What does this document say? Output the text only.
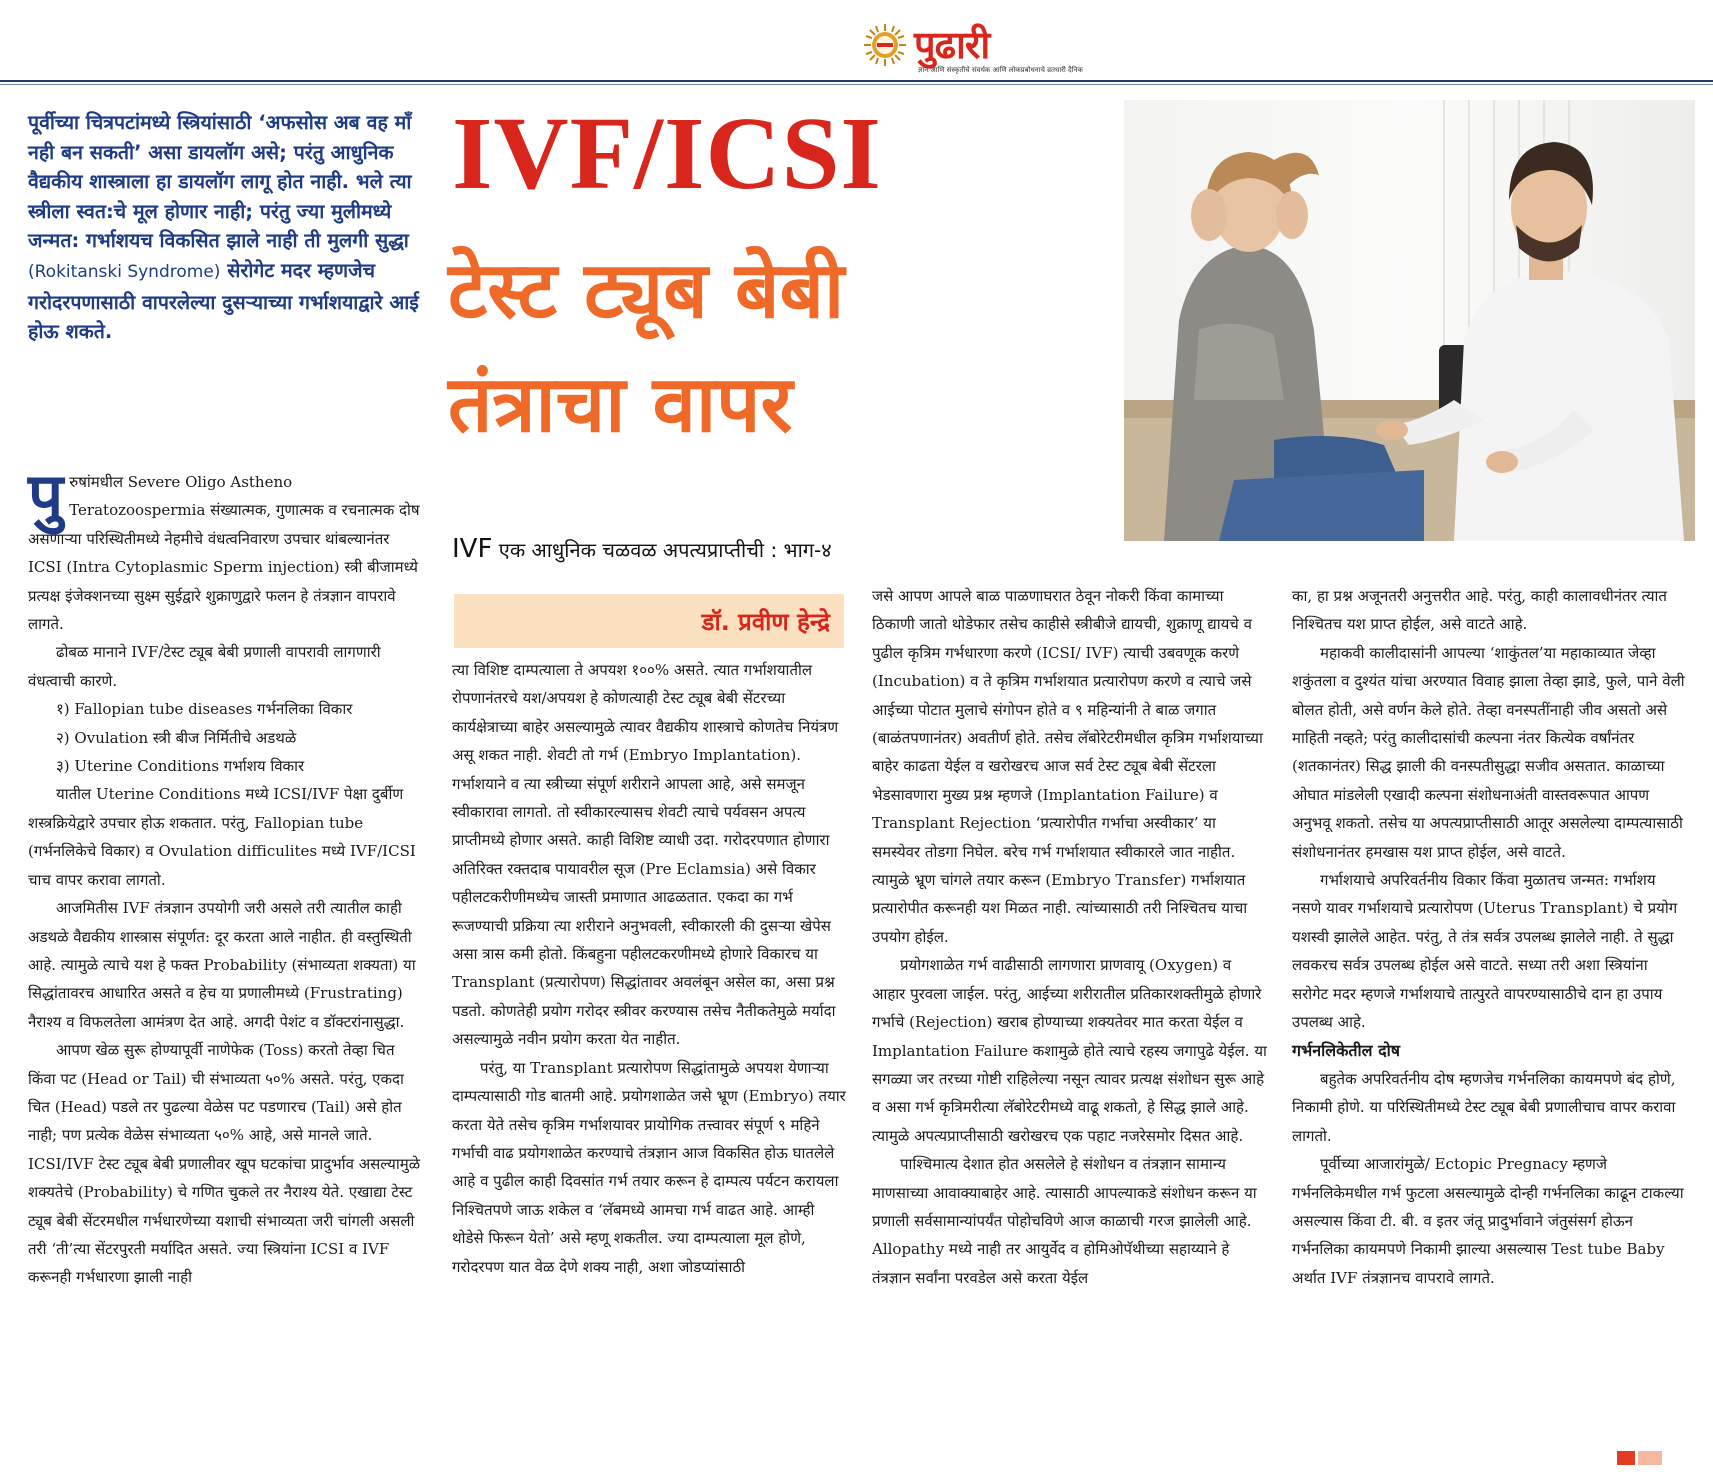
पुढारी
ज्ञान आणि संस्कृतीचे संवर्धक आणि लोकप्रबोधनाचे व्रतधारी दैनिक
पूर्वीच्या चित्रपटांमध्ये स्त्रियांसाठी ‘अफसोस अब वह माँ नही बन सकती’ असा डायलॉग असे; परंतु आधुनिक वैद्यकीय शास्त्राला हा डायलॉग लागू होत नाही. भले त्या स्त्रीला स्वत:चे मूल होणार नाही; परंतु ज्या मुलीमध्ये जन्मत: गर्भाशयच विकसित झाले नाही ती मुलगी सुद्धा (Rokitanski Syndrome) सेरोगेट मदर म्हणजेच गरोदरपणासाठी वापरलेल्या दुसऱ्याच्या गर्भाशयाद्वारे आई होऊ शकते.
IVF/ICSI
टेस्ट ट्यूब बेबी तंत्राचा वापर
IVF एक आधुनिक चळवळ अपत्यप्राप्तीची : भाग-४
डॉ. प्रवीण हेन्द्रे

पुरुषांमधील Severe Oligo Astheno Teratozoospermia संख्यात्मक, गुणात्मक व रचनात्मक दोष असणाऱ्या परिस्थितीमध्ये नेहमीचे वंधत्वनिवारण उपचार थांबल्यानंतर ICSI (Intra Cytoplasmic Sperm injection) स्त्री बीजामध्ये प्रत्यक्ष इंजेक्शनच्या सुक्ष्म सुईद्वारे शुक्राणुद्वारे फलन हे तंत्रज्ञान वापरावे लागते.

ढोबळ मानाने IVF/टेस्ट ट्यूब बेबी प्रणाली वापरावी लागणारी वंधत्वाची कारणे.

१) Fallopian tube diseases गर्भनलिका विकार

२) Ovulation स्त्री बीज निर्मितीचे अडथळे

३) Uterine Conditions गर्भाशय विकार

यातील Uterine Conditions मध्ये ICSI/IVF पेक्षा दुर्बीण शस्त्रक्रियेद्वारे उपचार होऊ शकतात. परंतु, Fallopian tube (गर्भनलिकेचे विकार) व Ovulation difficulites मध्ये IVF/ICSI चाच वापर करावा लागतो.

आजमितीस IVF तंत्रज्ञान उपयोगी जरी असले तरी त्यातील काही अडथळे वैद्यकीय शास्त्रास संपूर्णत: दूर करता आले नाहीत. ही वस्तुस्थिती आहे. त्यामुळे त्याचे यश हे फक्त Probability (संभाव्यता शक्यता) या सिद्धांतावरच आधारित असते व हेच या प्रणालीमध्ये (Frustrating) नैराश्य व विफलतेला आमंत्रण देत आहे. अगदी पेशंट व डॉक्टरांनासुद्धा.

आपण खेळ सुरू होण्यापूर्वी नाणेफेक (Toss) करतो तेव्हा चित किंवा पट (Head or Tail) ची संभाव्यता ५०% असते. परंतु, एकदा चित (Head) पडले तर पुढल्या वेळेस पट पडणारच (Tail) असे होत नाही; पण प्रत्येक वेळेस संभाव्यता ५०% आहे, असे मानले जाते. ICSI/IVF टेस्ट ट्यूब बेबी प्रणालीवर खूप घटकांचा प्रादुर्भाव असल्यामुळे शक्यतेचे (Probability) चे गणित चुकले तर नैराश्य येते. एखाद्या टेस्ट ट्यूब बेबी सेंटरमधील गर्भधारणेच्या यशाची संभाव्यता जरी चांगली असली तरी ‘ती’त्या सेंटरपुरती मर्यादित असते. ज्या स्त्रियांना ICSI व IVF करूनही गर्भधारणा झाली नाही

त्या विशिष्ट दाम्पत्याला ते अपयश १००% असते. त्यात गर्भाशयातील रोपणानंतरचे यश/अपयश हे कोणत्याही टेस्ट ट्यूब बेबी सेंटरच्या कार्यक्षेत्राच्या बाहेर असल्यामुळे त्यावर वैद्यकीय शास्त्राचे कोणतेच नियंत्रण असू शकत नाही. शेवटी तो गर्भ (Embryo Implantation). गर्भाशयाने व त्या स्त्रीच्या संपूर्ण शरीराने आपला आहे, असे समजून स्वीकारावा लागतो. तो स्वीकारल्यासच शेवटी त्याचे पर्यवसन अपत्य प्राप्तीमध्ये होणार असते. काही विशिष्ट व्याधी उदा. गरोदरपणात होणारा अतिरिक्त रक्तदाब पायावरील सूज (Pre Eclamsia) असे विकार पहीलटकरीणीमध्येच जास्ती प्रमाणात आढळतात. एकदा का गर्भ रूजण्याची प्रक्रिया त्या शरीराने अनुभवली, स्वीकारली की दुसऱ्या खेपेस असा त्रास कमी होतो. किंबहुना पहीलटकरणीमध्ये होणारे विकारच या Transplant (प्रत्यारोपण) सिद्धांतावर अवलंबून असेल का, असा प्रश्न पडतो. कोणतेही प्रयोग गरोदर स्त्रीवर करण्यास तसेच नैतीकतेमुळे मर्यादा असल्यामुळे नवीन प्रयोग करता येत नाहीत.

परंतु, या Transplant प्रत्यारोपण सिद्धांतामुळे अपयश येणाऱ्या दाम्पत्यासाठी गोड बातमी आहे. प्रयोगशाळेत जसे भ्रूण (Embryo) तयार करता येते तसेच कृत्रिम गर्भाशयावर प्रायोगिक तत्त्वावर संपूर्ण ९ महिने गर्भाची वाढ प्रयोगशाळेत करण्याचे तंत्रज्ञान आज विकसित होऊ घातलेले आहे व पुढील काही दिवसांत गर्भ तयार करून हे दाम्पत्य पर्यटन करायला निश्चितपणे जाऊ शकेल व ‘लॅबमध्ये आमचा गर्भ वाढत आहे. आम्ही थोडेसे फिरून येतो’ असे म्हणू शकतील. ज्या दाम्पत्याला मूल होणे, गरोदरपण यात वेळ देणे शक्य नाही, अशा जोडप्यांसाठी

जसे आपण आपले बाळ पाळणाघरात ठेवून नोकरी किंवा कामाच्या ठिकाणी जातो थोडेफार तसेच काहीसे स्त्रीबीजे द्यायची, शुक्राणू द्यायचे व पुढील कृत्रिम गर्भधारणा करणे (ICSI/ IVF) त्याची उबवणूक करणे (Incubation) व ते कृत्रिम गर्भाशयात प्रत्यारोपण करणे व त्याचे जसे आईच्या पोटात मुलाचे संगोपन होते व ९ महिन्यांनी ते बाळ जगात (बाळंतपणानंतर) अवतीर्ण होते. तसेच लॅबोरेटरीमधील कृत्रिम गर्भाशयाच्या बाहेर काढता येईल व खरोखरच आज सर्व टेस्ट ट्यूब बेबी सेंटरला भेडसावणारा मुख्य प्रश्न म्हणजे (Implantation Failure) व Transplant Rejection ‘प्रत्यारोपीत गर्भाचा अस्वीकार’ या समस्येवर तोडगा निघेल. बरेच गर्भ गर्भाशयात स्वीकारले जात नाहीत. त्यामुळे भ्रूण चांगले तयार करून (Embryo Transfer) गर्भाशयात प्रत्यारोपीत करूनही यश मिळत नाही. त्यांच्यासाठी तरी निश्चितच याचा उपयोग होईल.

प्रयोगशाळेत गर्भ वाढीसाठी लागणारा प्राणवायू (Oxygen) व आहार पुरवला जाईल. परंतु, आईच्या शरीरातील प्रतिकारशक्तीमुळे होणारे गर्भाचे (Rejection) खराब होण्याच्या शक्यतेवर मात करता येईल व Implantation Failure कशामुळे होते त्याचे रहस्य जगापुढे येईल. या सगळ्या जर तरच्या गोष्टी राहिलेल्या नसून त्यावर प्रत्यक्ष संशोधन सुरू आहे व असा गर्भ कृत्रिमरीत्या लॅबोरेटरीमध्ये वाढू शकतो, हे सिद्ध झाले आहे. त्यामुळे अपत्यप्राप्तीसाठी खरोखरच एक पहाट नजरेसमोर दिसत आहे.

पाश्चिमात्य देशात होत असलेले हे संशोधन व तंत्रज्ञान सामान्य माणसाच्या आवाक्याबाहेर आहे. त्यासाठी आपल्याकडे संशोधन करून या प्रणाली सर्वसामान्यांपर्यंत पोहोचविणे आज काळाची गरज झालेली आहे. Allopathy मध्ये नाही तर आयुर्वेद व होमिओपॅथीच्या सहाय्याने हे तंत्रज्ञान सर्वांना परवडेल असे करता येईल

का, हा प्रश्न अजूनतरी अनुत्तरीत आहे. परंतु, काही कालावधीनंतर त्यात निश्चितच यश प्राप्त होईल, असे वाटते आहे.

महाकवी कालीदासांनी आपल्या ‘शाकुंतल’या महाकाव्यात जेव्हा शकुंतला व दुश्यंत यांचा अरण्यात विवाह झाला तेव्हा झाडे, फुले, पाने वेली बोलत होती, असे वर्णन केले होते. तेव्हा वनस्पतींनाही जीव असतो असे माहिती नव्हते; परंतु कालीदासांची कल्पना नंतर कित्येक वर्षांनंतर (शतकानंतर) सिद्ध झाली की वनस्पतीसुद्धा सजीव असतात. काळाच्या ओघात मांडलेली एखादी कल्पना संशोधनाअंती वास्तवरूपात आपण अनुभवू शकतो. तसेच या अपत्यप्राप्तीसाठी आतूर असलेल्या दाम्पत्यासाठी संशोधनानंतर हमखास यश प्राप्त होईल, असे वाटते.

गर्भाशयाचे अपरिवर्तनीय विकार किंवा मुळातच जन्मत: गर्भाशय नसणे यावर गर्भाशयाचे प्रत्यारोपण (Uterus Transplant) चे प्रयोग यशस्वी झालेले आहेत. परंतु, ते तंत्र सर्वत्र उपलब्ध झालेले नाही. ते सुद्धा लवकरच सर्वत्र उपलब्ध होईल असे वाटते. सध्या तरी अशा स्त्रियांना सरोगेट मदर म्हणजे गर्भाशयाचे तात्पुरते वापरण्यासाठीचे दान हा उपाय उपलब्ध आहे.

गर्भनलिकेतील दोष

बहुतेक अपरिवर्तनीय दोष म्हणजेच गर्भनलिका कायमपणे बंद होणे, निकामी होणे. या परिस्थितीमध्ये टेस्ट ट्यूब बेबी प्रणालीचाच वापर करावा लागतो.

पूर्वीच्या आजारांमुळे/ Ectopic Pregnacy म्हणजे गर्भनलिकेमधील गर्भ फुटला असल्यामुळे दोन्ही गर्भनलिका काढून टाकल्या असल्यास किंवा टी. बी. व इतर जंतू प्रादुर्भावाने जंतुसंसर्ग होऊन गर्भनलिका कायमपणे निकामी झाल्या असल्यास Test tube Baby अर्थात IVF तंत्रज्ञानच वापरावे लागते.
